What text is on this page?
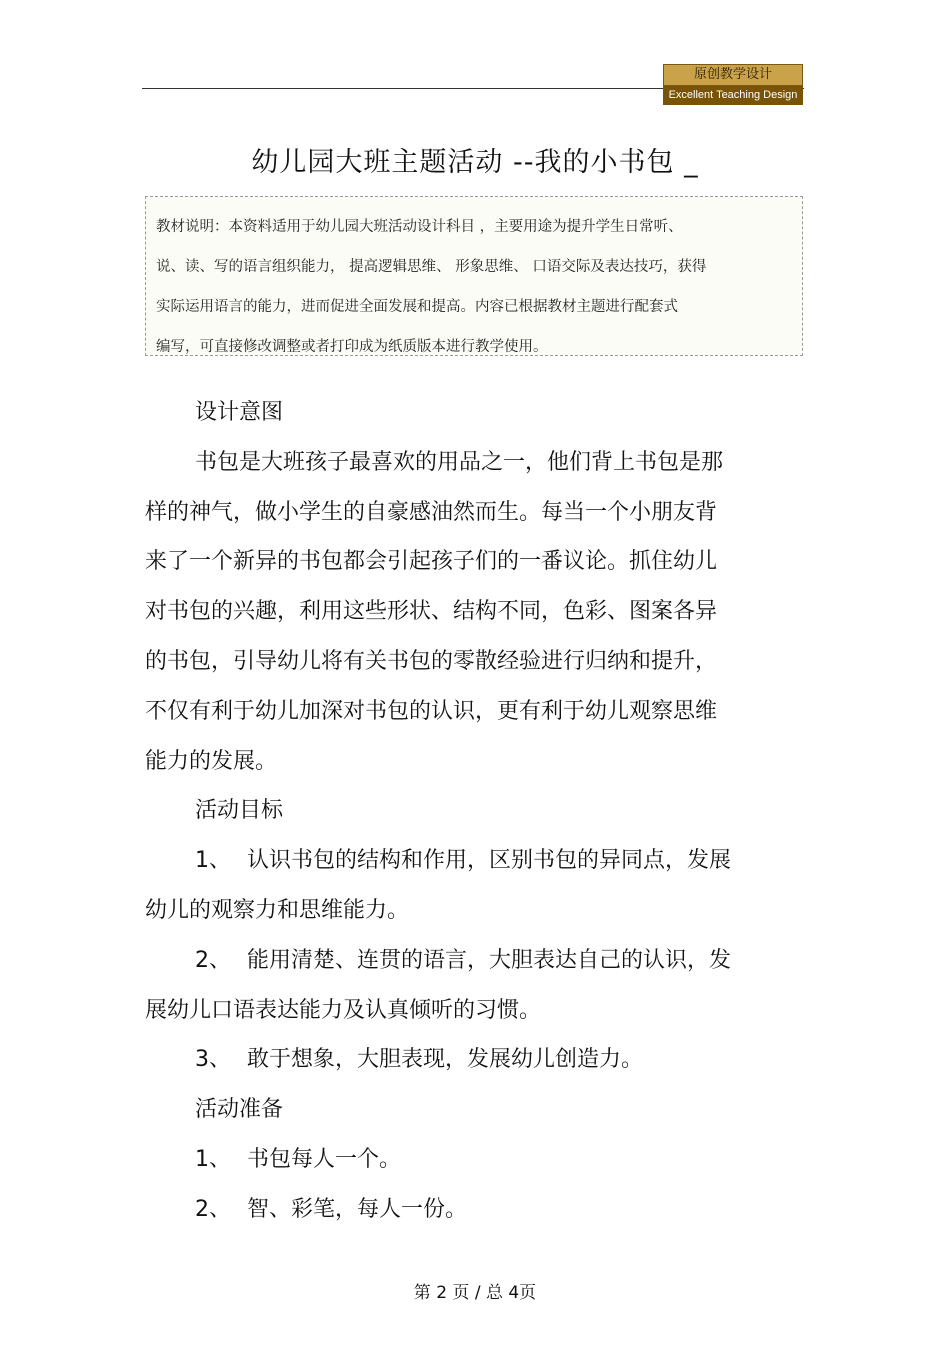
原创教学设计
Excellent Teaching Design
幼儿园大班主题活动 --我的小书包 _

教材说明：本资料适用于幼儿园大班活动设计科目 ，主要用途为提升学生日常听、

说、读、写的语言组织能力， 提高逻辑思维、 形象思维、 口语交际及表达技巧，获得

实际运用语言的能力，进而促进全面发展和提高。内容已根据教材主题进行配套式

编写，可直接修改调整或者打印成为纸质版本进行教学使用。

设计意图
书包是大班孩子最喜欢的用品之一，他们背上书包是那
样的神气，做小学生的自豪感油然而生。每当一个小朋友背
来了一个新异的书包都会引起孩子们的一番议论。抓住幼儿
对书包的兴趣，利用这些形状、结构不同，色彩、图案各异
的书包，引导幼儿将有关书包的零散经验进行归纳和提升，
不仅有利于幼儿加深对书包的认识，更有利于幼儿观察思维
能力的发展。
活动目标
1、 认识书包的结构和作用，区别书包的异同点，发展
幼儿的观察力和思维能力。
2、 能用清楚、连贯的语言，大胆表达自己的认识，发
展幼儿口语表达能力及认真倾听的习惯。
3、 敢于想象，大胆表现，发展幼儿创造力。
活动准备
1、 书包每人一个。
2、 智、彩笔，每人一份。
第 2 页 / 总 4页
